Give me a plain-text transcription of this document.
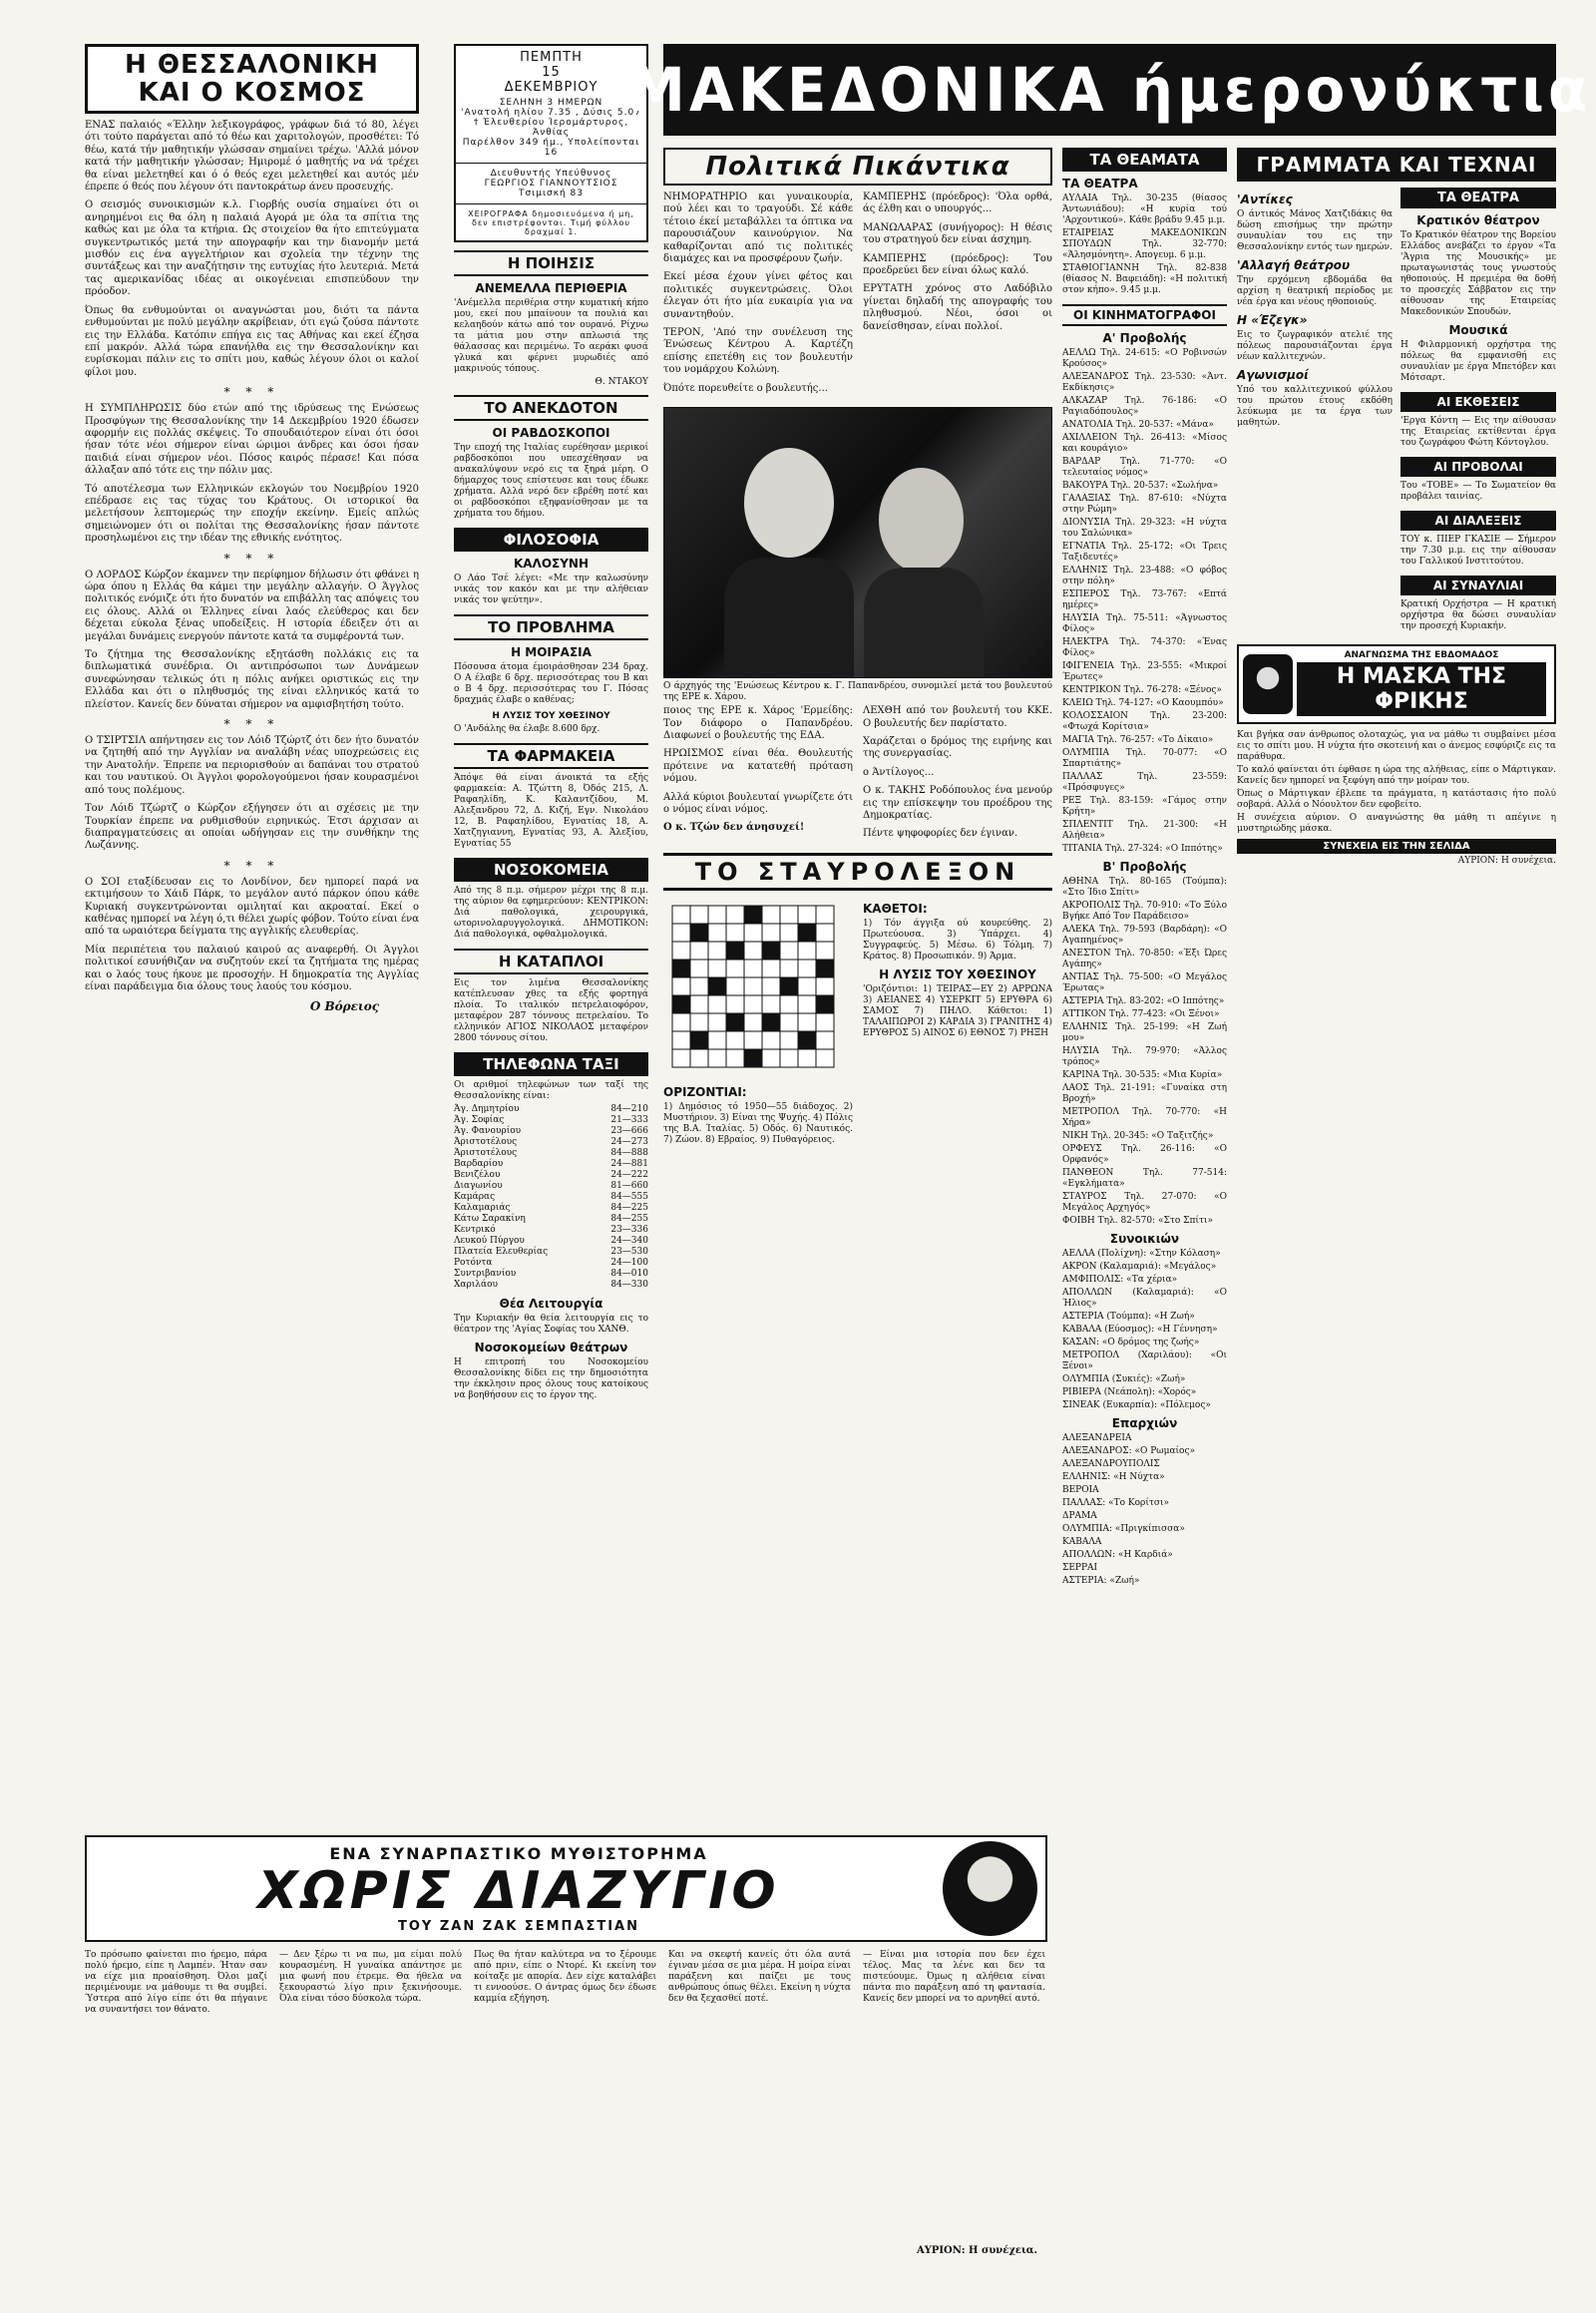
Η ΘΕΣΣΑΛΟΝΙΚΗ
ΚΑΙ Ο ΚΟΣΜΟΣ

ΕΝΑΣ παλαιός «Έλλην λεξικογράφος, γράφων διά τό 80, λέγει ότι τούτο παράγεται από τό θέω και χαριτολογών, προσθέτει: Τό θέω, κατά τήν μαθητικήν γλώσσαν σημαίνει τρέχω. 'Αλλά μόνον κατά τήν μαθητικήν γλώσσαν; Ημιρομέ ό μαθητής να νά τρέχει θα είναι μελετηθεί και ό ό θεός εχει μελετηθεί και αυτός μέν έπρεπε ό θεός που λέγουν ότι παντοκράτωρ άνευ προσευχής.

Ο σεισμός συνοικισμών κ.λ. Γιορβής ουσία σημαίνει ότι οι ανηρημένοι εις θα όλη η παλαιά Αγορά με όλα τα σπίτια της καθώς και με όλα τα κτήρια. Ως στοιχείον θα ήτο επιτεύγματα συγκεντρωτικός μετά την απογραφήν και την διανομήν μετά μισθόν εις ένα αγγελτήριον και σχολεία την τέχνην της συντάξεως και την αναζήτησιν της ευτυχίας ήτο λευτεριά. Μετά τας αμερικανίδας ιδέας αι οικογένειαι επισπεύδουν την πρόοδον.

Όπως θα ενθυμούνται οι αναγνώσται μου, διότι τα πάντα ενθυμούνται με πολύ μεγάλην ακρίβειαν, ότι εγώ ζούσα πάντοτε εις την Ελλάδα. Κατόπιν επήγα εις τας Αθήνας και εκεί έζησα επί μακρόν. Αλλά τώρα επανήλθα εις την Θεσσαλονίκην και ευρίσκομαι πάλιν εις το σπίτι μου, καθώς λέγουν όλοι οι καλοί φίλοι μου.

* * *

Η ΣΥΜΠΛΗΡΩΣΙΣ δύο ετών από της ιδρύσεως της Ενώσεως Προσφύγων της Θεσσαλονίκης την 14 Δεκεμβρίου 1920 έδωσεν αφορμήν εις πολλάς σκέψεις. Το σπουδαιότερον είναι ότι όσοι ήσαν τότε νέοι σήμερον είναι ώριμοι άνδρες και όσοι ήσαν παιδιά είναι σήμερον νέοι. Πόσος καιρός πέρασε! Και πόσα άλλαξαν από τότε εις την πόλιν μας.

Τό αποτέλεσμα των Ελληνικών εκλογών του Νοεμβρίου 1920 επέδρασε εις τας τύχας του Κράτους. Οι ιστορικοί θα μελετήσουν λεπτομερώς την εποχήν εκείνην. Εμείς απλώς σημειώνομεν ότι οι πολίται της Θεσσαλονίκης ήσαν πάντοτε προσηλωμένοι εις την ιδέαν της εθνικής ενότητος.

* * *

Ο ΛΟΡΔΟΣ Κώρζον έκαμνεν την περίφημον δήλωσιν ότι φθάνει η ώρα όπου η Ελλάς θα κάμει την μεγάλην αλλαγήν. Ο Άγγλος πολιτικός ενόμιζε ότι ήτο δυνατόν να επιβάλλη τας απόψεις του εις όλους. Αλλά οι Έλληνες είναι λαός ελεύθερος και δεν δέχεται εύκολα ξένας υποδείξεις. Η ιστορία έδειξεν ότι αι μεγάλαι δυνάμεις ενεργούν πάντοτε κατά τα συμφέροντά των.

Το ζήτημα της Θεσσαλονίκης εξητάσθη πολλάκις εις τα διπλωματικά συνέδρια. Οι αντιπρόσωποι των Δυνάμεων συνεφώνησαν τελικώς ότι η πόλις ανήκει οριστικώς εις την Ελλάδα και ότι ο πληθυσμός της είναι ελληνικός κατά το πλείστον. Κανείς δεν δύναται σήμερον να αμφισβητήση τούτο.

* * *

Ο ΤΣΙΡΤΣΙΛ απήντησεν εις τον Λόιδ Τζώρτζ ότι δεν ήτο δυνατόν να ζητηθή από την Αγγλίαν να αναλάβη νέας υποχρεώσεις εις την Ανατολήν. Έπρεπε να περιορισθούν αι δαπάναι του στρατού και του ναυτικού. Οι Άγγλοι φορολογούμενοι ήσαν κουρασμένοι από τους πολέμους.

Τον Λόιδ Τζώρτζ ο Κώρζον εξήγησεν ότι αι σχέσεις με την Τουρκίαν έπρεπε να ρυθμισθούν ειρηνικώς. Έτσι άρχισαν αι διαπραγματεύσεις αι οποίαι ωδήγησαν εις την συνθήκην της Λωζάννης.

* * *

Ο ΣΟΙ εταξίδευσαν εις το Λονδίνον, δεν ημπορεί παρά να εκτιμήσουν το Χάιδ Πάρκ, το μεγάλον αυτό πάρκον όπου κάθε Κυριακή συγκεντρώνονται ομιληταί και ακροαταί. Εκεί ο καθένας ημπορεί να λέγη ό,τι θέλει χωρίς φόβον. Τούτο είναι ένα από τα ωραιότερα δείγματα της αγγλικής ελευθερίας.

Μία περιπέτεια του παλαιού καιρού ας αναφερθή. Οι Άγγλοι πολιτικοί εσυνήθιζαν να συζητούν εκεί τα ζητήματα της ημέρας και ο λαός τους ήκουε με προσοχήν. Η δημοκρατία της Αγγλίας είναι παράδειγμα δια όλους τους λαούς του κόσμου.

Ο Βόρειος
ΠΕΜΠΤΗ
15
ΔΕΚΕΜΒΡΙΟΥ
ΣΕΛΗΝΗ 3 ΗΜΕΡΩΝ
'Ανατολή ηλίου 7.35 , Δύσις 5.07
† Έλευθερίου Ίερομάρτυρος, Άνθίας
Παρέλθον 349 ήμ., Υπολείπονται 16
Διευθυντής Υπεύθυνος
ΓΕΩΡΓΙΟΣ ΓΙΑΝΝΟΥΤΣΙΟΣ
Τσιμισκή 83
ΧΕΙΡΟΓΡΑΦΑ δημοσιευόμενα ή μη, δεν επιστρέφονται. Τιμή φύλλου δραχμαί 1.
Η ΠΟΙΗΣΙΣ
ΑΝΕΜΕΛΛΑ ΠΕΡΙΘΕΡΙΑ

'Ανέμελλα περιθέρια στην κυματική κήπο μου, εκεί που μπαίνουν τα πουλιά και κελαηδούν κάτω από τον ουρανό. Ρίχνω τα μάτια μου στην απλωσιά της θάλασσας και περιμένω. Το αεράκι φυσά γλυκά και φέρνει μυρωδιές από μακρινούς τόπους.

Θ. ΝΤΑΚΟΥ
ΤΟ ΑΝΕΚΔΟΤΟΝ
ΟΙ ΡΑΒΔΟΣΚΟΠΟΙ

Την εποχή της Ιταλίας ευρέθησαν μερικοί ραβδοσκόποι που υπεσχέθησαν να ανακαλύψουν νερό εις τα ξηρά μέρη. Ο δήμαρχος τους επίστευσε και τους έδωκε χρήματα. Αλλά νερό δεν εβρέθη ποτέ και οι ραβδοσκόποι εξηφανίσθησαν με τα χρήματα του δήμου.

ΦΙΛΟΣΟΦΙΑ
ΚΑΛΟΣΥΝΗ

Ο Λάο Τσέ λέγει: «Με την καλωσύνην νικάς τον κακόν και με την αλήθειαν νικάς τον ψεύτην».

ΤΟ ΠΡΟΒΛΗΜΑ
Η ΜΟΙΡΑΣΙΑ

Πόσουσα άτομα έμοιράσθησαν 234 δραχ. Ο Α έλαβε 6 δρχ. περισσότερας του Β και ο Β 4 δρχ. περισσότερας του Γ. Πόσας δραχμάς έλαβε ο καθένας;

Η ΛΥΣΙΣ ΤΟΥ ΧΘΕΣΙΝΟΥ

Ο 'Ανδάλης θα έλαβε 8.600 δρχ.

ΤΑ ΦΑΡΜΑΚΕΙΑ

Άπόψε θά είναι άνοικτά τα εξής φαρμακεία: Α. Τζώττη 8, Όδός 215, Λ. Ραφαηλίδη, Κ. Καλαντζίδου, Μ. Αλεξανδρου 72, Δ. Κιζή, Εγν. Νικολάου 12, Β. Ραφαηλίδου, Εγνατίας 18, Α. Χατζηγιαννη, Εγνατίας 93, Α. Άλεξίου, Εγνατίας 55

ΝΟΣΟΚΟΜΕΙΑ

Από της 8 π.μ. σήμερον μέχρι της 8 π.μ. της αύριον θα εφημερεύουν: ΚΕΝΤΡΙΚΟΝ: Διά παθολογικά, χειρουργικά, ωτορινολαρυγγολογικά. ΔΗΜΟΤΙΚΟΝ: Διά παθολογικά, οφθαλμολογικά.

Η ΚΑΤΑΠΛΟΙ

Εις τον λιμένα Θεσσαλονίκης κατέπλευσαν χθες τα εξής φορτηγά πλοία. Το ιταλικόν πετρελαιοφόρον, μεταφέρον 287 τόννους πετρελαίου. Το ελληνικόν ΑΓΙΟΣ ΝΙΚΟΛΑΟΣ μεταφέρον 2800 τόννους σίτου.

ΤΗΛΕΦΩΝΑ ΤΑΞΙ

Οι αριθμοί τηλεφώνων των ταξί της Θεσσαλονίκης είναι:

Άγ. Δημητρίου	84—210
Άγ. Σοφίας	21—333
Άγ. Φανουρίου	23—666
Άριστοτέλους	24—273
Άριστοτέλους	84—888
Βαρδαρίου	24—881
Βενιζέλου	24—222
Διαγωνίου	81—660
Καμάρας	84—555
Καλαμαριάς	84—225
Κάτω Σαρακίνη	84—255
Κεντρικό	23—336
Λευκού Πύργου	24—340
Πλατεία Ελευθερίας	23—530
Ροτόντα	24—100
Συντριβανίου	84—010
Χαριλάου	84—330
Θέα Λειτουργία

Την Κυριακήν θα θεία λειτουργία εις το θέατρον της 'Αγίας Σοφίας του ΧΑΝΘ.

Νοσοκομείων θεάτρων

Η επιτροπή του Νοσοκομείου Θεσσαλονίκης δίδει εις την δημοσιότητα την έκκλησιν προς όλους τους κατοίκους να βοηθήσουν εις το έργον της.

ΜΑΚΕΔΟΝΙΚΑ ήμερονύκτια
Πολιτικά Πικάντικα

ΝΗΜΟΡΑΤΗΡΙΟ και γυναικουρία, πού λέει και το τραγούδι. Σέ κάθε τέτοιο έκεί μεταβάλλει τα όπτικα να παρουσιάζουν καινούργιον. Να καθαρίζονται από τις πολιτικές διαμάχες και να προσφέρουν ζωήν.

Εκεί μέσα έχουν γίνει φέτος και πολιτικές συγκεντρώσεις. Όλοι έλεγαν ότι ήτο μία ευκαιρία για να συναντηθούν.

ΤΕΡΟΝ, 'Από την συνέλευση της Ένώσεως Κέντρου Α. Καρτέζη επίσης επετέθη εις τον βουλευτήν του νομάρχου Κολώνη.

Όπότε πορευθείτε ο βουλευτής...

ΚΑΜΠΕΡΗΣ (πρόεδρος): 'Όλα ορθά, άς έλθη και ο υπουργός...

ΜΑΝΩΛΑΡΑΣ (συνήγορος): Η θέσις του στρατηγού δεν είναι άσχημη.

ΚΑΜΠΕΡΗΣ (πρόεδρος): Του προεδρεύει δεν είναι όλως καλό.

ΕΡΥΤΑΤΗ χρόνος στο Λαδόβιλο γίνεται δηλαδή της απογραφής του πληθυσμού. Νέοι, όσοι οι δανείσθησαν, είναι πολλοί.

Ο άρχηγός της 'Ενώσεως Κέντρου κ. Γ. Παπανδρέου, συνομιλεί μετά του βουλευτού της ΕΡΕ κ. Χάρου.

ποιος της ΕΡΕ κ. Χάρος 'Ερμείδης: Τον διάφορο ο Παπανδρέου. Διαφωνεί ο βουλευτής της ΕΔΑ.

ΗΡΩΙΣΜΟΣ είναι θέα. Θουλευτής πρότεινε να κατατεθή πρόταση νόμου.

Αλλά κύριοι βουλευταί γνωρίζετε ότι ο νόμος είναι νόμος.

Ο κ. Τζών δεν άνησυχεί!

ΛΕΧΘΗ από τον βουλευτή του ΚΚΕ. Ο βουλευτής δεν παρίστατο.

Χαράζεται ο δρόμος της ειρήνης και της συνεργασίας.

ο Άντίλογος...

Ο κ. ΤΑΚΗΣ Ροδόπουλος ένα μενούρ εις την επίσκεψην του προέδρου της Δημοκρατίας.

Πέντε ψηφοφορίες δεν έγιναν.

ΤΟ ΣΤΑΥΡΟΛΕΞΟΝ
ΟΡΙΖΟΝΤΙΑΙ:

1) Δημόσιος τό 1950—55 διάδοχος. 2) Μυστήριον. 3) Είναι της Ψυχής. 4) Πόλις της Β.Α. Ίταλίας. 5) Οδός. 6) Ναυτικός. 7) Ζώον. 8) Εβραίος. 9) Πυθαγόρειος.

ΚΑΘΕΤΟΙ:

1) Τόν άγγιξα ού κουρεύθης. 2) Πρωτεύουσα. 3) Ύπάρχει. 4) Συγγραφεύς. 5) Μέσω. 6) Τόλμη. 7) Κράτος. 8) Προσωπικόν. 9) Άρμα.

Η ΛΥΣΙΣ ΤΟΥ ΧΘΕΣΙΝΟΥ

'Οριζόντιοι: 1) ΤΕΙΡΑΣ—ΕΥ 2) ΑΡΡΩΝΑ 3) ΑΕΙΑΝΕΣ 4) ΥΣΕΡΚΙΤ 5) ΕΡΥΘΡΑ 6) ΣΑΜΟΣ 7) ΠΗΛΟ. Κάθετοι: 1) ΤΑΛΑΙΠΩΡΟΙ 2) ΚΑΡΔΙΑ 3) ΓΡΑΝΙΤΗΣ 4) ΕΡΥΘΡΟΣ 5) ΑΙΝΟΣ 6) ΕΘΝΟΣ 7) ΡΗΞΗ

ΤΑ ΘΕΑΜΑΤΑ
ΤΑ ΘΕΑΤΡΑ

ΑΥΛΑΙΑ Τηλ. 30-235 (θίασος Άντωνιάδου): «Η κυρία τού 'Αρχοντικού». Κάθε βράδυ 9.45 μ.μ.

ΕΤΑΙΡΕΙΑΣ ΜΑΚΕΔΟΝΙΚΩΝ ΣΠΟΥΔΩΝ Τηλ. 32-770: «Άλησμόνητη». Απογευμ. 6 μ.μ.

ΣΤΑΘΙΟΓΙΑΝΝΗ Τηλ. 82-838 (θίασος Ν. Βαφειάδη): «Η πολιτική στον κήπο». 9.45 μ.μ.

ΟΙ ΚΙΝΗΜΑΤΟΓΡΑΦΟΙ
Α' Προβολής

ΑΕΛΛΩ Τηλ. 24-615: «Ο Ροβινσών Κρούσος»

ΑΛΕΞΑΝΔΡΟΣ Τηλ. 23-530: «Άντ. Εκδίκησις»

ΑΛΚΑΖΑΡ Τηλ. 76-186: «Ο Ραγιαδόπουλος»

ΑΝΑΤΟΛΙΑ Τηλ. 20-537: «Μάνα»

ΑΧΙΛΛΕΙΟΝ Τηλ. 26-413: «Μίσος και κουράγιο»

ΒΑΡΔΑΡ Τηλ. 71-770: «Ο τελευταίος νόμος»

ΒΑΚΟΥΡΑ Τηλ. 20-537: «Σωλήνα»

ΓΑΛΑΞΙΑΣ Τηλ. 87-610: «Νύχτα στην Ρώμη»

ΔΙΟΝΥΣΙΑ Τηλ. 29-323: «Η νύχτα του Σαλώνικα»

ΕΓΝΑΤΙΑ Τηλ. 25-172: «Οι Τρεις Ταξιδευτές»

ΕΛΛΗΝΙΣ Τηλ. 23-488: «Ο φόβος στην πόλη»

ΕΣΠΕΡΟΣ Τηλ. 73-767: «Επτά ημέρες»

ΗΛΥΣΙΑ Τηλ. 75-511: «Άγνωστος Φίλος»

ΗΛΕΚΤΡΑ Τηλ. 74-370: «Ένας Φίλος»

ΙΦΙΓΕΝΕΙΑ Τηλ. 23-555: «Μικροί Έρωτες»

ΚΕΝΤΡΙΚΟΝ Τηλ. 76-278: «Ξένος»

ΚΛΕΙΩ Τηλ. 74-127: «Ο Καουμπόυ»

ΚΟΛΟΣΣΑΙΟΝ Τηλ. 23-200: «Φτωχά Κορίτσια»

ΜΑΓΙΑ Τηλ. 76-257: «Το Δίκαιο»

ΟΛΥΜΠΙΑ Τηλ. 70-077: «Ο Σπαρτιάτης»

ΠΑΛΛΑΣ Τηλ. 23-559: «Πρόσφυγες»

ΡΕΞ Τηλ. 83-159: «Γάμος στην Κρήτη»

ΣΠΛΕΝΤΙΤ Τηλ. 21-300: «Η Αλήθεια»

ΤΙΤΑΝΙΑ Τηλ. 27-324: «Ο Ιππότης»

Β' Προβολής

ΑΘΗΝΑ Τηλ. 80-165 (Τούμπα): «Στο Ίδιο Σπίτι»

ΑΚΡΟΠΟΛΙΣ Τηλ. 70-910: «Το Ξύλο Βγήκε Από Τον Παράδεισο»

ΑΛΕΚΑ Τηλ. 79-593 (Βαρδάρη): «Ο Αγαπημένος»

ΑΝΕΣΤΟΝ Τηλ. 70-850: «Έξι Ώρες Αγάπης»

ΑΝΤΙΑΣ Τηλ. 75-500: «Ο Μεγάλος Έρωτας»

ΑΣΤΕΡΙΑ Τηλ. 83-202: «Ο Ιππότης»

ΑΤΤΙΚΟΝ Τηλ. 77-423: «Οι Ξένοι»

ΕΛΛΗΝΙΣ Τηλ. 25-199: «Η Ζωή μου»

ΗΛΥΣΙΑ Τηλ. 79-970: «Άλλος τρόπος»

ΚΑΡΙΝΑ Τηλ. 30-535: «Μια Κυρία»

ΛΑΟΣ Τηλ. 21-191: «Γυναίκα στη Βροχή»

ΜΕΤΡΟΠΟΛ Τηλ. 70-770: «Η Χήρα»

ΝΙΚΗ Τηλ. 20-345: «Ο Ταξιτζής»

ΟΡΦΕΥΣ Τηλ. 26-116: «Ο Ορφανός»

ΠΑΝΘΕΟΝ Τηλ. 77-514: «Εγκλήματα»

ΣΤΑΥΡΟΣ Τηλ. 27-070: «Ο Μεγάλος Αρχηγός»

ΦΟΙΒΗ Τηλ. 82-570: «Στο Σπίτι»

Συνοικιών

ΑΕΛΛΑ (Πολίχνη): «Στην Κόλαση»

ΑΚΡΟΝ (Καλαμαριά): «Μεγάλος»

ΑΜΦΙΠΟΛΙΣ: «Τα χέρια»

ΑΠΟΛΛΩΝ (Καλαμαριά): «Ο Ήλιος»

ΑΣΤΕΡΙΑ (Τούμπα): «Η Ζωή»

ΚΑΒΑΛΑ (Εύοσμος): «Η Γέννηση»

ΚΑΣΑΝ: «Ο δρόμος της ζωής»

ΜΕΤΡΟΠΟΛ (Χαριλάου): «Οι Ξένοι»

ΟΛΥΜΠΙΑ (Συκιές): «Ζωή»

ΡΙΒΙΕΡΑ (Νεάπολη): «Χορός»

ΣΙΝΕΑΚ (Ευκαρπία): «Πόλεμος»

Επαρχιών

ΑΛΕΞΑΝΔΡΕΙΑ

ΑΛΕΞΑΝΔΡΟΣ: «Ο Ρωμαίος»

ΑΛΕΞΑΝΔΡΟΥΠΟΛΙΣ

ΕΛΛΗΝΙΣ: «Η Νύχτα»

ΒΕΡΟΙΑ

ΠΑΛΛΑΣ: «Το Κορίτσι»

ΔΡΑΜΑ

ΟΛΥΜΠΙΑ: «Πριγκίπισσα»

ΚΑΒΑΛΑ

ΑΠΟΛΛΩΝ: «Η Καρδιά»

ΣΕΡΡΑΙ

ΑΣΤΕΡΙΑ: «Ζωή»

ΓΡΑΜΜΑΤΑ ΚΑΙ ΤΕΧΝΑΙ
'Αντίκες

Ο άντικός Μάνος Χατζιδάκις θα δώση επισήμως την πρώτην συναυλίαν του εις την Θεσσαλονίκην εντός των ημερών.

'Αλλαγή θεάτρου

Την ερχόμενη εβδομάδα θα αρχίση η θεατρική περίοδος με νέα έργα και νέους ηθοποιούς.

Η «Έζεγκ»

Εις το ζωγραφικόν ατελιέ της πόλεως παρουσιάζονται έργα νέων καλλιτεχνών.

Αγωνισμοί

Υπό του καλλιτεχνικού φύλλου του πρώτου έτους εκδόθη λεύκωμα με τα έργα των μαθητών.

ΤΑ ΘΕΑΤΡΑ
Κρατικόν θέατρον

Το Κρατικόν θέατρον της Βορείου Ελλάδος ανεβάζει το έργον «Τα 'Άγρια της Μουσικής» με πρωταγωνιστάς τους γνωστούς ηθοποιούς. Η πρεμιέρα θα δοθή το προσεχές Σάββατον εις την αίθουσαν της Εταιρείας Μακεδονικών Σπουδών.

Μουσικά

Η Φιλαρμονική ορχήστρα της πόλεως θα εμφανισθή εις συναυλίαν με έργα Μπετόβεν και Μότσαρτ.

ΑΙ ΕΚΘΕΣΕΙΣ

'Εργα Κόντη — Εις την αίθουσαν της Εταιρείας εκτίθενται έργα του ζωγράφου Φώτη Κόντογλου.

ΑΙ ΠΡΟΒΟΛΑΙ

Του «ΤΟΒΕ» — Το Σωματείον θα προβάλει ταινίας.

ΑΙ ΔΙΑΛΕΞΕΙΣ

ΤΟΥ κ. ΠΙΕΡ ΓΚΑΣΙΕ — Σήμερον την 7.30 μ.μ. εις την αίθουσαν του Γαλλικού Ινστιτούτου.

ΑΙ ΣΥΝΑΥΛΙΑΙ

Κρατική Ορχήστρα — Η κρατική ορχήστρα θα δώσει συναυλίαν την προσεχή Κυριακήν.

ΑΝΑΓΝΩΣΜΑ ΤΗΣ ΕΒΔΟΜΑΔΟΣ
Η ΜΑΣΚΑ ΤΗΣ ΦΡΙΚΗΣ

Και βγήκα σαν άνθρωπος ολοταχώς, για να μάθω τι συμβαίνει μέσα εις το σπίτι μου. Η νύχτα ήτο σκοτεινή και ο άνεμος εσφύριζε εις τα παράθυρα.

Το καλό φαίνεται ότι έφθασε η ώρα της αλήθειας, είπε ο Μάρτιγκαν. Κανείς δεν ημπορεί να ξεφύγη από την μοίραν του.

Όπως ο Μάρτιγκαν έβλεπε τα πράγματα, η κατάστασις ήτο πολύ σοβαρά. Αλλά ο Νόουλτον δεν εφοβείτο.

Η συνέχεια αύριον. Ο αναγνώστης θα μάθη τι απέγινε η μυστηριώδης μάσκα.

ΣΥΝΕΧΕΙΑ ΕΙΣ ΤΗΝ ΣΕΛΙΔΑ
ΑΥΡΙΟΝ: Η συνέχεια.
ΕΝΑ ΣΥΝΑΡΠΑΣΤΙΚΟ ΜΥΘΙΣΤΟΡΗΜΑ
ΧΩΡΙΣ ΔΙΑΖΥΓΙΟ
ΤΟΥ ΖΑΝ ΖΑΚ ΣΕΜΠΑΣΤΙΑΝ

Το πρόσωπο φαίνεται πιο ήρεμο, πάρα πολύ ήρεμο, είπε η Λαμπέν. Ήταν σαν να είχε μια προαίσθηση. Όλοι μαζί περιμένουμε να μάθουμε τι θα συμβεί. Ύστερα από λίγο είπε ότι θα πήγαινε να συναντήσει τον θάνατο.

— Δεν ξέρω τι να πω, μα είμαι πολύ κουρασμένη. Η γυναίκα απάντησε με μια φωνή που έτρεμε. Θα ήθελα να ξεκουραστώ λίγο πριν ξεκινήσουμε. Όλα είναι τόσο δύσκολα τώρα.

Πως θα ήταν καλύτερα να το ξέρουμε από πριν, είπε ο Ντορέ. Κι εκείνη τον κοίταξε με απορία. Δεν είχε καταλάβει τι εννοούσε. Ο άντρας όμως δεν έδωσε καμμία εξήγηση.

Και να σκεφτή κανείς ότι όλα αυτά έγιναν μέσα σε μια μέρα. Η μοίρα είναι παράξενη και παίζει με τους ανθρώπους όπως θέλει. Εκείνη η νύχτα δεν θα ξεχασθεί ποτέ.

— Είναι μια ιστορία που δεν έχει τέλος. Μας τα λένε και δεν τα πιστεύουμε. Όμως η αλήθεια είναι πάντα πιο παράξενη από τη φαντασία. Κανείς δεν μπορεί να το αρνηθεί αυτό.

ΑΥΡΙΟΝ: Η συνέχεια.
